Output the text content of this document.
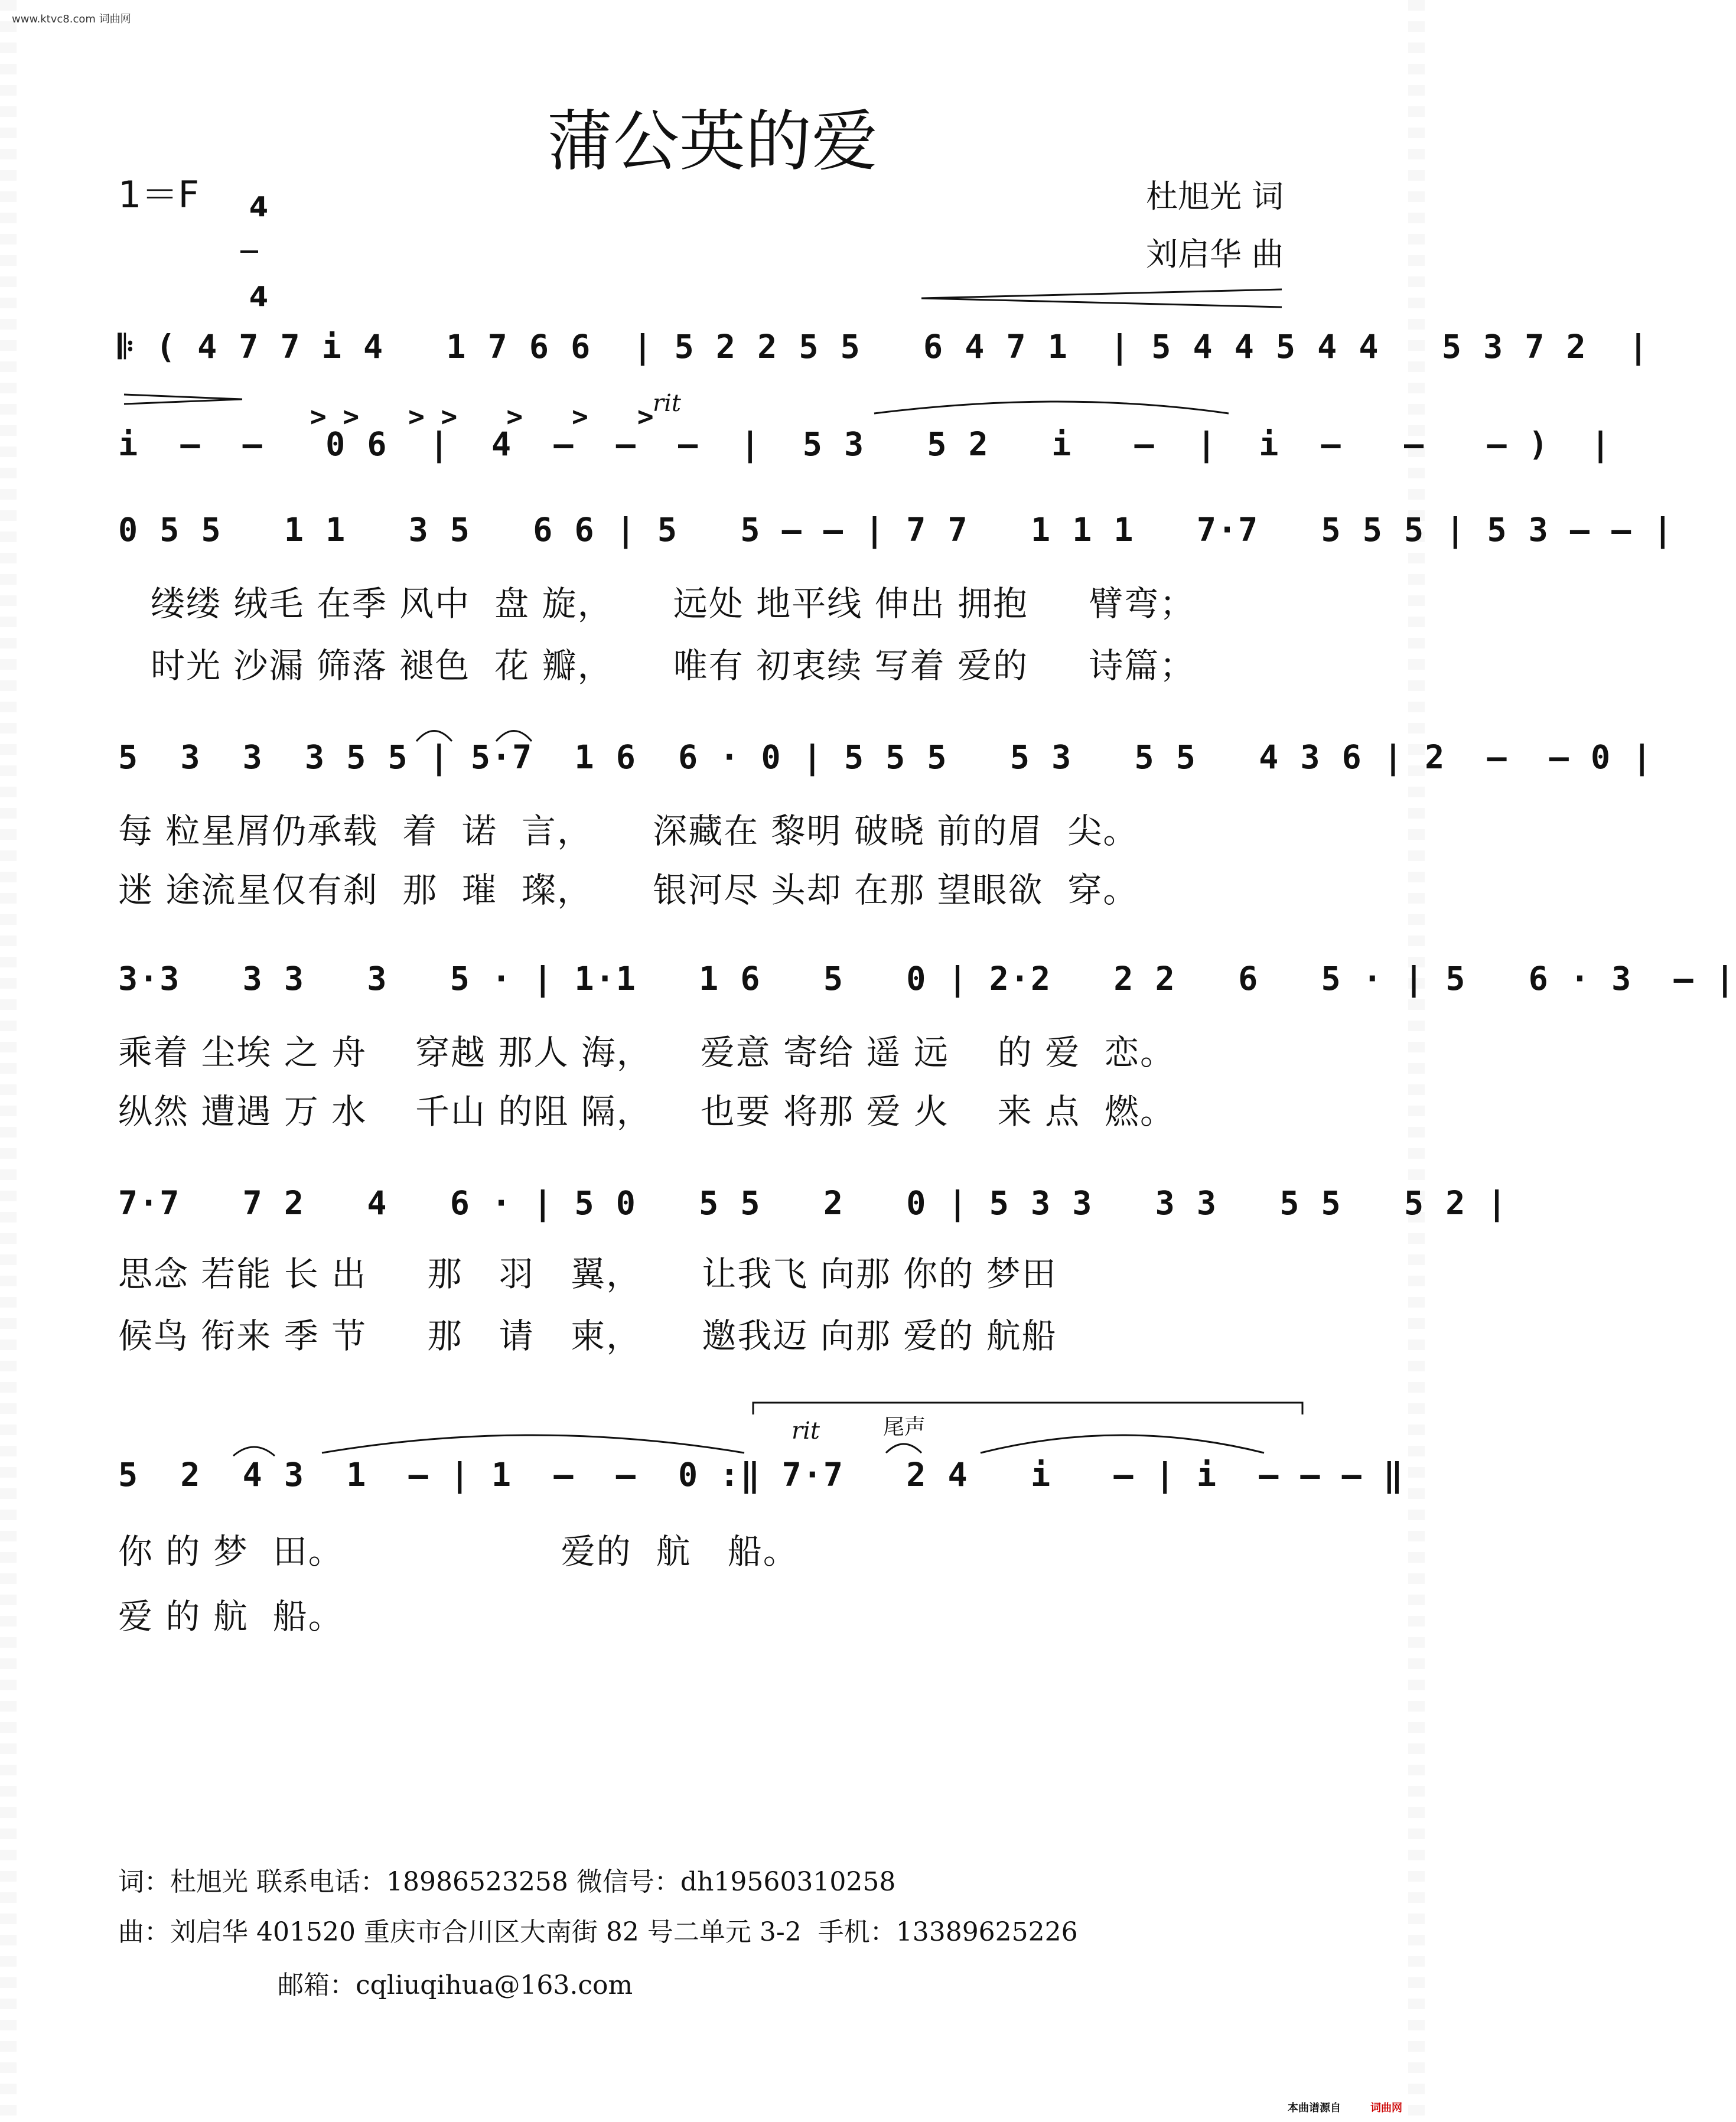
www.ktvc8.com 词曲网
蒲公英的爱
1＝F	4

4

杜旭光 词
刘启华 曲
𝄆 ( 4 7 7 i 4   1 7 6 6  | 5 2 2 5 5   6 4 7 1  | 5 4 4 5 4 4   5 3 7 2  |
rit
> >   > >   >   >   >
i  –  –   0 6  |  4  –  –  –  |  5 3   5 2   i   –  |  i  –   –   – )  |
0 5 5   1 1   3 5   6 6 | 5   5 – – | 7 7   1 1 1   7·7   5 5 5 | 5 3 – – |
缕缕 绒毛 在季 风中  盘 旋，     远处 地平线 伸出 拥抱     臂弯；
时光 沙漏 筛落 褪色  花 瓣，     唯有 初衷续 写着 爱的     诗篇；
5  3  3  3 5 5 | 5·7  1 6  6 · 0 | 5 5 5   5 3   5 5   4 3 6 | 2  –  – 0 |
每 粒星屑仍承载  着  诺  言，     深藏在 黎明 破晓 前的眉  尖。
迷 途流星仅有刹  那  璀  璨，     银河尽 头却 在那 望眼欲  穿。
3·3   3 3   3   5 · | 1·1   1 6   5   0 | 2·2   2 2   6   5 · | 5   6 · 3  – |
乘着 尘埃 之 舟    穿越 那人 海，    爱意 寄给 遥 远    的 爱  恋。
纵然 遭遇 万 水    千山 的阻 隔，    也要 将那 爱 火    来 点  燃。
7·7   7 2   4   6 · | 5 0   5 5   2   0 | 5 3 3   3 3   5 5   5 2 |
思念 若能 长 出     那   羽   翼，     让我飞 向那 你的 梦田
候鸟 衔来 季 节     那   请   柬，     邀我迈 向那 爱的 航船
rit	尾声
5  2  4 3  1  – | 1  –  –  0 :‖ 7·7   2 4   i   – | i  – – – ‖
你 的 梦  田。                  爱的  航   船。
爱 的 航  船。
词：杜旭光 联系电话：18986523258 微信号：dh19560310258
曲：刘启华 401520 重庆市合川区大南街 82 号二单元 3-2  手机：13389625226
邮箱：cqliuqihua@163.com
本曲谱源自	词曲网
